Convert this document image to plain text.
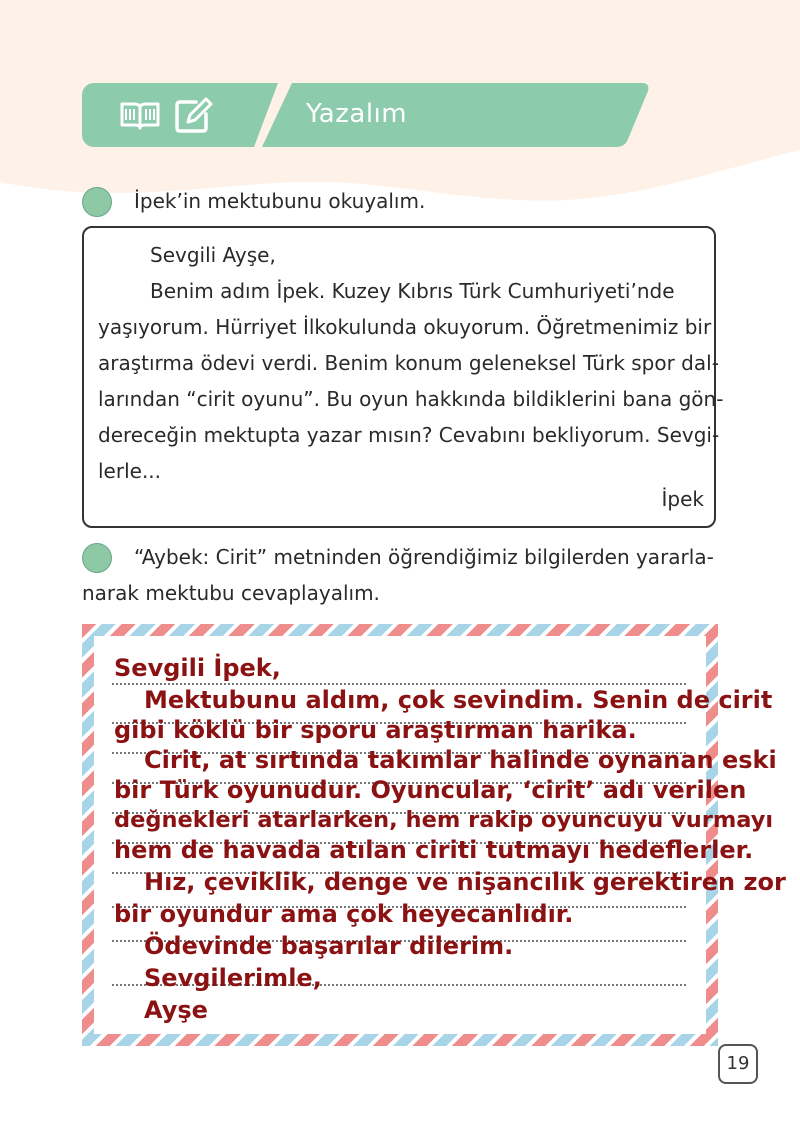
Yazalım
İpek’in mektubunu okuyalım.
Sevgili Ayşe,
Benim adım İpek. Kuzey Kıbrıs Türk Cumhuriyeti’nde
yaşıyorum. Hürriyet İlkokulunda okuyorum. Öğretmenimiz bir
araştırma ödevi verdi. Benim konum geleneksel Türk spor dal-
larından “cirit oyunu”. Bu oyun hakkında bildiklerini bana gön-
dereceğin mektupta yazar mısın? Cevabını bekliyorum. Sevgi-
lerle...
İpek
“Aybek: Cirit” metninden öğrendiğimiz bilgilerden yararla-
narak mektubu cevaplayalım.
Sevgili İpek,
Mektubunu aldım, çok sevindim. Senin de cirit
gibi köklü bir sporu araştırman harika.
Cirit, at sırtında takımlar halinde oynanan eski
bir Türk oyunudur. Oyuncular, ‘cirit’ adı verilen
değnekleri atarlarken, hem rakip oyuncuyu vurmayı
hem de havada atılan ciriti tutmayı hedeflerler.
Hız, çeviklik, denge ve nişancılık gerektiren zor
bir oyundur ama çok heyecanlıdır.
Ödevinde başarılar dilerim.
Sevgilerimle,
Ayşe
19
